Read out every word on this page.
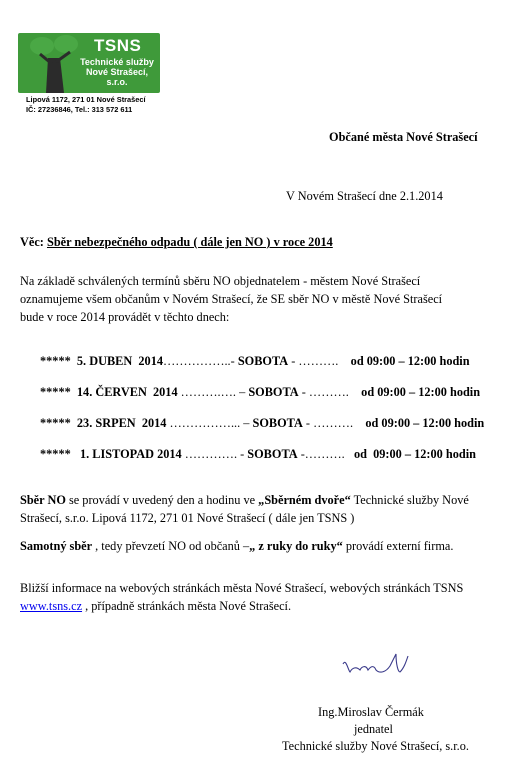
TSNS
Technické služby
Nové Strašecí, s.r.o.
Lipová 1172, 271 01 Nové Strašecí
IČ: 27236846, Tel.: 313 572 611
Občané města Nové Strašecí
V Novém Strašecí dne 2.1.2014
Věc: Sběr nebezpečného odpadu ( dále jen NO ) v roce 2014
Na základě schválených termínů sběru NO objednatelem - městem Nové Strašecí
oznamujeme všem občanům v Novém Strašecí, že SE sběr NO v městě Nové Strašecí
bude v roce 2014 provádět v těchto dnech:
***** 5. DUBEN  2014……………..- SOBOTA - ……….    od 09:00 – 12:00 hodin
***** 14. ČERVEN  2014 ……….…. – SOBOTA - ……….    od 09:00 – 12:00 hodin
***** 23. SRPEN  2014 ……………... – SOBOTA - ……….    od 09:00 – 12:00 hodin
*****   1. LISTOPAD 2014 …………. - SOBOTA -……….   od  09:00 – 12:00 hodin
Sběr NO se provádí v uvedený den a hodinu ve „Sběrném dvoře“ Technické služby Nové
Strašecí, s.r.o. Lipová 1172, 271 01 Nové Strašecí ( dále jen TSNS )
Samotný sběr , tedy převzetí NO od občanů –„ z ruky do ruky“ provádí externí firma.
Bližší informace na webových stránkách města Nové Strašecí, webových stránkách TSNS
www.tsns.cz , případně stránkách města Nové Strašecí.
Ing.Miroslav Čermák
jednatel
Technické služby Nové Strašecí, s.r.o.
